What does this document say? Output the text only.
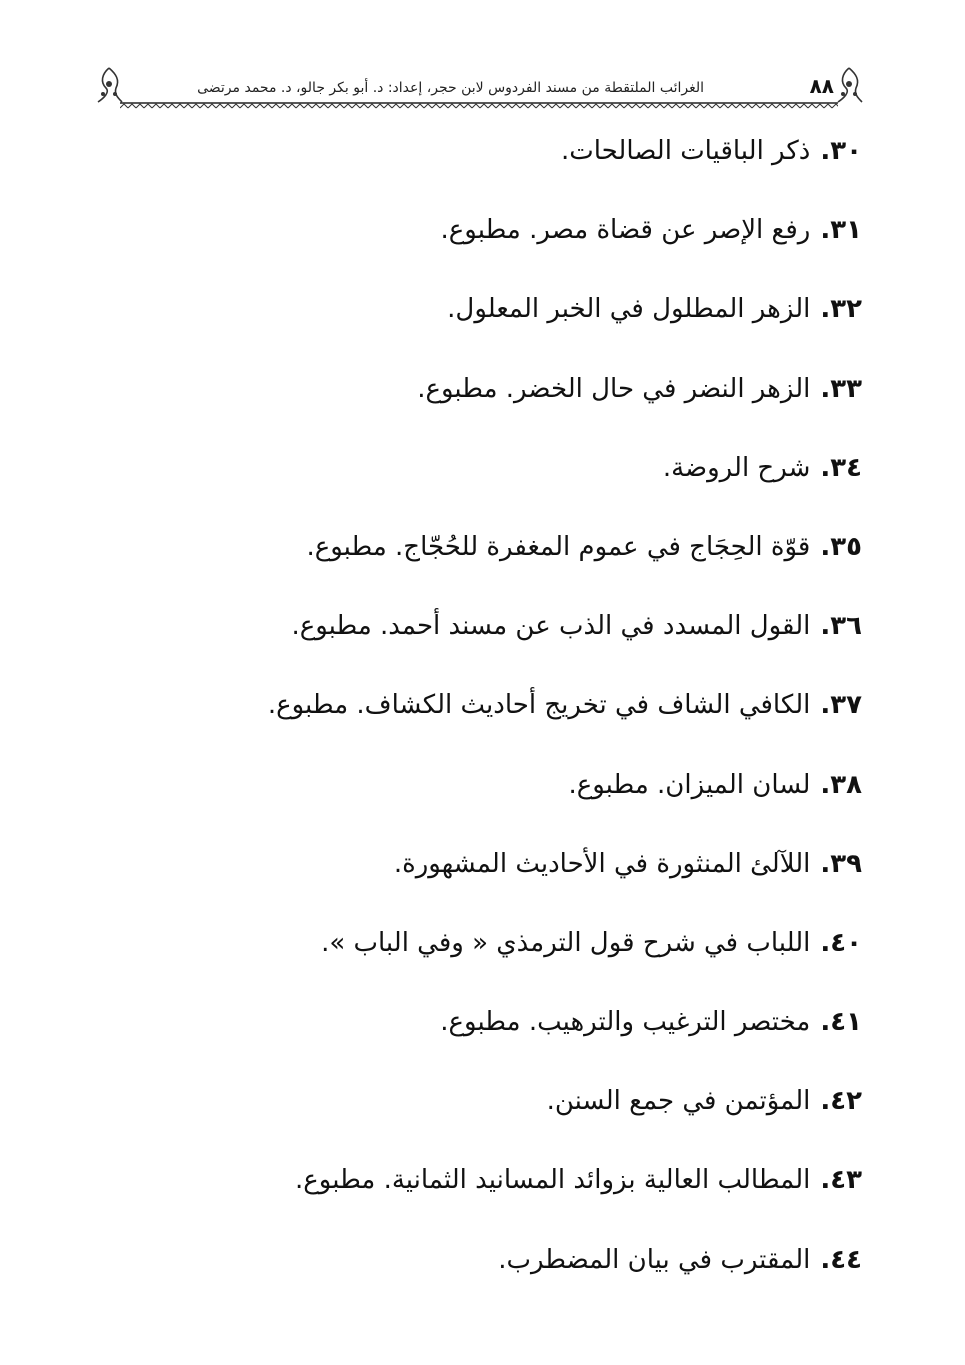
٨٨
الغرائب الملتقطة من مسند الفردوس لابن حجر، إعداد: د. أبو بكر جالو، د. محمد مرتضى
٣٠.ذكر الباقيات الصالحات.
٣١.رفع الإصر عن قضاة مصر. مطبوع.
٣٢.الزهر المطلول في الخبر المعلول.
٣٣.الزهر النضر في حال الخضر. مطبوع.
٣٤.شرح الروضة.
٣٥.قوّة الحِجَاج في عموم المغفرة للحُجّاج. مطبوع.
٣٦.القول المسدد في الذب عن مسند أحمد. مطبوع.
٣٧.الكافي الشاف في تخريج أحاديث الكشاف. مطبوع.
٣٨.لسان الميزان. مطبوع.
٣٩.اللآلئ المنثورة في الأحاديث المشهورة.
٤٠.اللباب في شرح قول الترمذي « وفي الباب ».
٤١.مختصر الترغيب والترهيب. مطبوع.
٤٢.المؤتمن في جمع السنن.
٤٣.المطالب العالية بزوائد المسانيد الثمانية. مطبوع.
٤٤.المقترب في بيان المضطرب.
